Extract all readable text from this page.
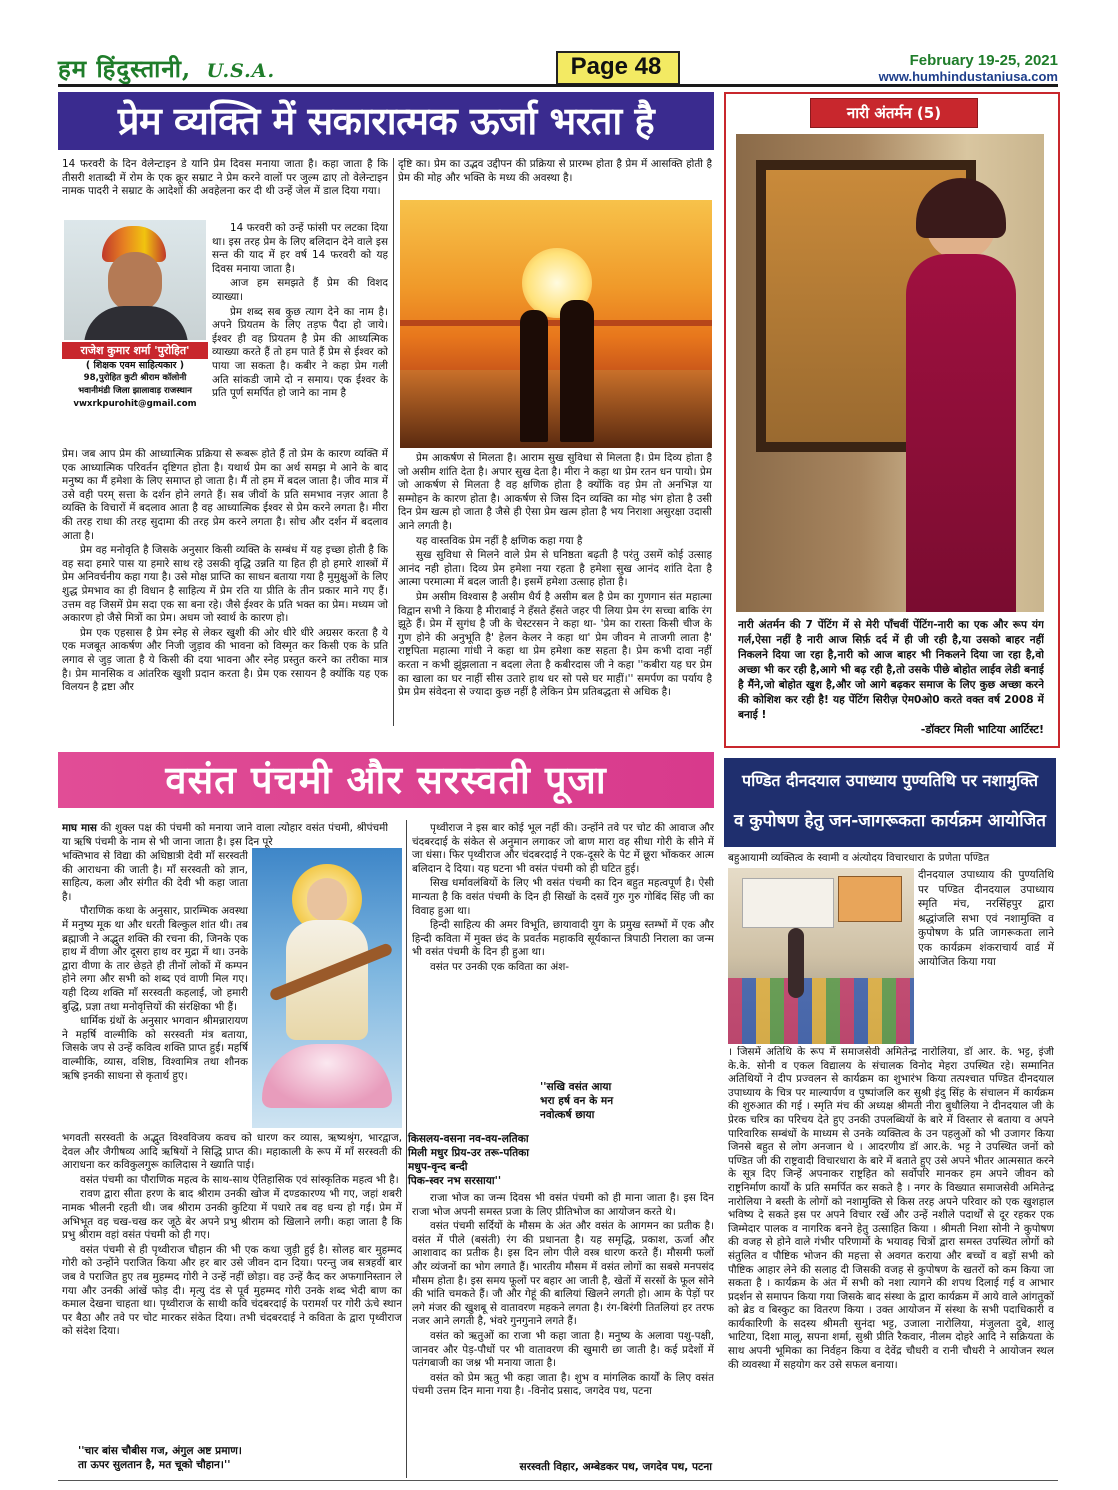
हम हिंदुस्तानी, U.S.A.	Page 48	February 19-25, 2021
www.humhindustaniusa.com
प्रेम व्यक्ति में सकारात्मक ऊर्जा भरता है
14 फरवरी के दिन वेलेन्टाइन डे यानि प्रेम दिवस मनाया जाता है। कहा जाता है कि तीसरी शताब्दी में रोम के एक क्रूर सम्राट ने प्रेम करने वालों पर जुल्म ढाए तो वेलेन्टाइन नामक पादरी ने सम्राट के आदेशों की अवहेलना कर दी थी उन्हें जेल में डाल दिया गया।
राजेश कुमार शर्मा 'पुरोहित'
( शिक्षक एवम साहित्यकार )
98,पुरोहित कुटी श्रीराम कॉलोनी
भवानीमंडी जिला झालावाड़ राजस्थान
vwxrkpurohit@gmail.com

14 फरवरी को उन्हें फांसी पर लटका दिया था। इस तरह प्रेम के लिए बलिदान देने वाले इस सन्त की याद में हर वर्ष 14 फरवरी को यह दिवस मनाया जाता है।

आज हम समझते हैं प्रेम की विशद व्याख्या।

प्रेम शब्द सब कुछ त्याग देने का नाम है। अपने प्रियतम के लिए तड़फ पैदा हो जाये। ईश्वर ही वह प्रियतम है प्रेम की आध्यत्मिक व्याख्या करते हैं तो हम पाते हैं प्रेम से ईश्वर को पाया जा सकता है। कबीर ने कहा प्रेम गली अति सांकडी जामे दो न समाय। एक ईश्वर के प्रति पूर्ण समर्पित हो जाने का नाम है

प्रेम। जब आप प्रेम की आध्यात्मिक प्रक्रिया से रूबरू होते हैं तो प्रेम के कारण व्यक्ति में एक आध्यात्मिक परिवर्तन दृष्टिगत होता है। यथार्थ प्रेम का अर्थ समझ मे आने के बाद मनुष्य का मैं हमेशा के लिए समाप्त हो जाता है। मैं तो हम में बदल जाता है। जीव मात्र में उसे वही परम् सत्ता के दर्शन होने लगते हैं। सब जीवों के प्रति समभाव नज़र आता है व्यक्ति के विचारों में बदलाव आता है वह आध्यात्मिक ईश्वर से प्रेम करने लगता है। मीरा की तरह राधा की तरह सुदामा की तरह प्रेम करने लगता है। सोच और दर्शन में बदलाव आता है।

प्रेम वह मनोवृति है जिसके अनुसार किसी व्यक्ति के सम्बंध में यह इच्छा होती है कि वह सदा हमारे पास या हमारे साथ रहे उसकी वृद्धि उन्नति या हित ही हो हमारे शास्त्रों में प्रेम अनिवर्चनीय कहा गया है। उसे मोक्ष प्राप्ति का साधन बताया गया है मुमुक्षुओं के लिए शुद्ध प्रेमभाव का ही विधान है साहित्य में प्रेम रति या प्रीति के तीन प्रकार माने गए हैं। उत्तम वह जिसमें प्रेम सदा एक सा बना रहे। जैसे ईश्वर के प्रति भक्त का प्रेम। मध्यम जो अकारण हो जैसे मित्रों का प्रेम। अधम जो स्वार्थ के कारण हो।

प्रेम एक एहसास है प्रेम स्नेह से लेकर खुशी की ओर धीरे धीरे अग्रसर करता है ये एक मजबूत आकर्षण और निजी जुड़ाव की भावना को विस्मृत कर किसी एक के प्रति लगाव से जुड़ जाता है ये किसी की दया भावना और स्नेह प्रस्तुत करने का तरीका मात्र है। प्रेम मानसिक व आंतरिक खुशी प्रदान करता है। प्रेम एक रसायन है क्योंकि यह एक विलयन है द्रष्टा और

दृष्टि का। प्रेम का उद्भव उद्दीपन की प्रक्रिया से प्रारम्भ होता है प्रेम में आसक्ति होती है प्रेम की मोह और भक्ति के मध्य की अवस्था है।

प्रेम आकर्षण से मिलता है। आराम सुख सुविधा से मिलता है। प्रेम दिव्य होता है जो असीम शांति देता है। अपार सुख देता है। मीरा ने कहा था प्रेम रतन धन पायो। प्रेम जो आकर्षण से मिलता है वह क्षणिक होता है क्योंकि वह प्रेम तो अनभिज्ञ या सम्मोहन के कारण होता है। आकर्षण से जिस दिन व्यक्ति का मोह भंग होता है उसी दिन प्रेम खत्म हो जाता है जैसे ही ऐसा प्रेम खत्म होता है भय निराशा असुरक्षा उदासी आने लगती है।

यह वास्तविक प्रेम नहीं है क्षणिक कहा गया है

सुख सुविधा से मिलने वाले प्रेम से घनिष्ठता बढ़ती है परंतु उसमें कोई उत्साह आनंद नही होता। दिव्य प्रेम हमेशा नया रहता है हमेशा सुख आनंद शांति देता है आत्मा परमात्मा में बदल जाती है। इसमें हमेशा उत्साह होता है।

प्रेम असीम विश्वास है असीम धैर्य है असीम बल है प्रेम का गुणगान संत महात्मा विद्वान सभी ने किया है मीराबाई ने हँसते हँसते जहर पी लिया प्रेम रंग सच्चा बाकि रंग झूठे हैं। प्रेम में सुगंध है जी के चेस्टरसन ने कहा था- 'प्रेम का रास्ता किसी चीज के गुण होने की अनुभूति है' हेलन केलर ने कहा था' प्रेम जीवन मे ताजगी लाता है' राष्ट्रपिता महात्मा गांधी ने कहा था प्रेम हमेशा कष्ट सहता है। प्रेम कभी दावा नहीं करता न कभी झुंझलाता न बदला लेता है कबीरदास जी ने कहा ''कबीरा यह घर प्रेम का खाला का घर नाहीं सीस उतारे हाथ धर सो पसे घर माहीं।'' समर्पण का पर्याय है प्रेम प्रेम संवेदना से ज्यादा कुछ नहीं है लेकिन प्रेम प्रतिबद्धता से अधिक है।

नारी अंतर्मन (5)
नारी अंतर्मन की 7 पेंटिंग में से मेरी पाँचवीं पेंटिंग-नारी का एक और रूप यंग गर्ल,ऐसा नहीं है नारी आज सिर्फ़ दर्द में ही जी रही है,या उसको बाहर नहीं निकलने दिया जा रहा है,नारी को आज बाहर भी निकलने दिया जा रहा है,वो अच्छा भी कर रही है,आगे भी बढ़ रही है,तो उसके पीछे बोहोत लाईव लेडी बनाई है मैंने,जो बोहोत खुश है,और जो आगे बढ़कर समाज के लिए कुछ अच्छा करने की कोशिश कर रही है! यह पेंटिंग सिरीज़ ऐम0ओ0 करते वक्त वर्ष 2008 में बनाई !
-डॉक्टर मिली भाटिया आर्टिस्ट!
वसंत पंचमी और सरस्वती पूजा
माघ मास की शुक्ल पक्ष की पंचमी को मनाया जाने वाला त्योहार वसंत पंचमी, श्रीपंचमी या ऋषि पंचमी के नाम से भी जाना जाता है। इस दिन पूरे

भक्तिभाव से विद्या की अधिष्ठात्री देवी माँ सरस्वती की आराधना की जाती है। माँ सरस्वती को ज्ञान, साहित्य, कला और संगीत की देवी भी कहा जाता है।

पौराणिक कथा के अनुसार, प्रारम्भिक अवस्था में मनुष्य मूक था और धरती बिल्कुल शांत थी। तब ब्रह्माजी ने अद्भुत शक्ति की रचना की, जिनके एक हाथ में वीणा और दूसरा हाथ वर मुद्रा में था। उनके द्वारा वीणा के तार छेड़ते ही तीनों लोकों में कम्पन होने लगा और सभी को शब्द एवं वाणी मिल गए। यही दिव्य शक्ति माँ सरस्वती कहलाई, जो हमारी बुद्धि, प्रज्ञा तथा मनोवृत्तियों की संरक्षिका भी हैं।

धार्मिक ग्रंथों के अनुसार भगवान श्रीमन्नारायण ने महर्षि वाल्मीकि को सरस्वती मंत्र बताया, जिसके जप से उन्हें कवित्व शक्ति प्राप्त हुई। महर्षि वाल्मीकि, व्यास, वशिष्ठ, विश्वामित्र तथा शौनक ऋषि इनकी साधना से कृतार्थ हुए।

भगवती सरस्वती के अद्भुत विश्वविजय कवच को धारण कर व्यास, ऋष्यश्रृंग, भारद्वाज, देवल और जैगीषव्य आदि ऋषियों ने सिद्धि प्राप्त की। महाकाली के रूप में माँ सरस्वती की आराधना कर कविकुलगुरू कालिदास ने ख्याति पाई।

वसंत पंचमी का पौराणिक महत्व के साथ-साथ ऐतिहासिक एवं सांस्कृतिक महत्व भी है।

रावण द्वारा सीता हरण के बाद श्रीराम उनकी खोज में दण्डकारण्य भी गए, जहां शबरी नामक भीलनी रहती थी। जब श्रीराम उनकी कुटिया में पधारे तब वह धन्य हो गई। प्रेम में अभिभूत वह चख-चख कर जूठे बेर अपने प्रभु श्रीराम को खिलाने लगी। कहा जाता है कि प्रभु श्रीराम वहां वसंत पंचमी को ही गए।

वसंत पंचमी से ही पृथ्वीराज चौहान की भी एक कथा जुड़ी हुई है। सोलह बार मुहम्मद गोरी को उन्होंने पराजित किया और हर बार उसे जीवन दान दिया। परन्तु जब सत्रहवीं बार जब वे पराजित हुए तब मुहम्मद गोरी ने उन्हें नहीं छोड़ा। वह उन्हें कैद कर अफगानिस्तान ले गया और उनकी आंखें फोड़ दी। मृत्यु दंड से पूर्व मुहम्मद गोरी उनके शब्द भेदी बाण का कमाल देखना चाहता था। पृथ्वीराज के साथी कवि चंदबरदाई के परामर्श पर गोरी ऊंचे स्थान पर बैठा और तवे पर चोट मारकर संकेत दिया। तभी चंदबरदाई ने कविता के द्वारा पृथ्वीराज को संदेश दिया।

''चार बांस चौबीस गज, अंगुल अष्ट प्रमाण।
ता ऊपर सुलतान है, मत चूको चौहान।''

पृथ्वीराज ने इस बार कोई भूल नहीं की। उन्होंने तवे पर चोट की आवाज और चंदबरदाई के संकेत से अनुमान लगाकर जो बाण मारा वह सीधा गोरी के सीने में जा धंसा। फिर पृथ्वीराज और चंदबरदाई ने एक-दूसरे के पेट में छूरा भोंककर आत्म बलिदान दे दिया। यह घटना भी वसंत पंचमी को ही घटित हुई।

सिख धर्मावलंबियों के लिए भी वसंत पंचमी का दिन बहुत महत्वपूर्ण है। ऐसी मान्यता है कि वसंत पंचमी के दिन ही सिखों के दसवें गुरु गुरु गोबिंद सिंह जी का विवाह हुआ था।

हिन्दी साहित्य की अमर विभूति, छायावादी युग के प्रमुख स्तम्भों में एक और हिन्दी कविता में मुक्त छंद के प्रवर्तक महाकवि सूर्यकान्त त्रिपाठी निराला का जन्म भी वसंत पंचमी के दिन ही हुआ था।

वसंत पर उनकी एक कविता का अंश-

''सखि वसंत आया
भरा हर्ष वन के मन
नवोत्कर्ष छाया
किसलय-वसना नव-वय-लतिका
मिली मधुर प्रिय-उर तरू-पतिका
मधुप-वृन्द बन्दी
पिक-स्वर नभ सरसाया''

राजा भोज का जन्म दिवस भी वसंत पंचमी को ही माना जाता है। इस दिन राजा भोज अपनी समस्त प्रजा के लिए प्रीतिभोज का आयोजन करते थे।

वसंत पंचमी सर्दियों के मौसम के अंत और वसंत के आगमन का प्रतीक है। वसंत में पीले (बसंती) रंग की प्रधानता है। यह समृद्धि, प्रकाश, ऊर्जा और आशावाद का प्रतीक है। इस दिन लोग पीले वस्त्र धारण करते हैं। मौसमी फलों और व्यंजनों का भोग लगाते हैं। भारतीय मौसम में वसंत लोगों का सबसे मनपसंद मौसम होता है। इस समय फूलों पर बहार आ जाती है, खेतों में सरसों के फूल सोने की भांति चमकते हैं। जौ और गेहूं की बालियां खिलने लगती हो। आम के पेड़ों पर लगे मंजर की खुशबू से वातावरण महकने लगता है। रंग-बिरंगी तितलियां हर तरफ नजर आने लगती है, भंवरे गुनगुनाने लगते हैं।

वसंत को ऋतुओं का राजा भी कहा जाता है। मनुष्य के अलावा पशु-पक्षी, जानवर और पेड़-पौधों पर भी वातावरण की खुमारी छा जाती है। कई प्रदेशों में पतंगबाजी का जश्न भी मनाया जाता है।

वसंत को प्रेम ऋतु भी कहा जाता है। शुभ व मांगलिक कार्यों के लिए वसंत पंचमी उत्तम दिन माना गया है। -विनोद प्रसाद, जगदेव पथ, पटना

सरस्वती विहार, अम्बेडकर पथ, जगदेव पथ, पटना
पण्डित दीनदयाल उपाध्याय पुण्यतिथि पर नशामुक्ति
व कुपोषण हेतु जन-जागरूकता कार्यक्रम आयोजित
बहुआयामी व्यक्तित्व के स्वामी व अंत्योदय विचारधारा के प्रणेता पण्डित
दीनदयाल उपाध्याय की पुण्यतिथि पर पण्डित दीनदयाल उपाध्याय स्मृति मंच, नरसिंहपुर द्वारा श्रद्धांजलि सभा एवं नशामुक्ति व कुपोषण के प्रति जागरूकता लाने एक कार्यक्रम शंकराचार्य वार्ड में आयोजित किया गया
। जिसमें अतिथि के रूप में समाजसेवी अमितेन्द्र नारोलिया, डॉ आर. के. भट्ट, इंजी के.के. सोनी व एकल विद्यालय के संचालक विनोद मेहरा उपस्थित रहे। सम्मानित अतिथियों ने दीप प्रज्वलन से कार्यक्रम का शुभारंभ किया तत्पश्चात पण्डित दीनदयाल उपाध्याय के चित्र पर माल्यार्पण व पुष्पांजलि कर सुश्री इंदु सिंह के संचालन में कार्यक्रम की शुरुआत की गई । स्मृति मंच की अध्यक्ष श्रीमती नीरा बुधौलिया ने दीनदयाल जी के प्रेरक चरित्र का परिचय देते हुए उनकी उपलब्धियों के बारे में विस्तार से बताया व अपने पारिवारिक सम्बंधों के माध्यम से उनके व्यक्तित्व के उन पहलुओं को भी उजागर किया जिनसे बहुत से लोग अनजान थे । आदरणीय डॉ आर.के. भट्ट ने उपस्थित जनों को पण्डित जी की राष्ट्रवादी विचारधारा के बारे में बताते हुए उसे अपने भीतर आत्मसात करने के सूत्र दिए जिन्हें अपनाकर राष्ट्रहित को सर्वोपरि मानकर हम अपने जीवन को राष्ट्रनिर्माण कार्यों के प्रति समर्पित कर सकते है । नगर के विख्यात समाजसेवी अमितेन्द्र नारोलिया ने बस्ती के लोगों को नशामुक्ति से किस तरह अपने परिवार को एक खुशहाल भविष्य दे सकते इस पर अपने विचार रखें और उन्हें नशीले पदार्थों से दूर रहकर एक जिम्मेदार पालक व नागरिक बनने हेतु उत्साहित किया । श्रीमती निशा सोनी ने कुपोषण की वजह से होने वाले गंभीर परिणामों के भयावह चित्रों द्वारा समस्त उपस्थित लोगों को संतुलित व पौष्टिक भोजन की महत्ता से अवगत कराया और बच्चों व बड़ों सभी को पौष्टिक आहार लेने की सलाह दी जिसकी वजह से कुपोषण के खतरों को कम किया जा सकता है । कार्यक्रम के अंत में सभी को नशा त्यागने की शपथ दिलाई गई व आभार प्रदर्शन से समापन किया गया जिसके बाद संस्था के द्वारा कार्यक्रम में आये वाले आंगतुकों को ब्रेड व बिस्कुट का वितरण किया । उक्त आयोजन में संस्था के सभी पदाधिकारी व कार्यकारिणी के सदस्य श्रीमती सुनंदा भट्ट, उजाला नारोलिया, मंजुलता दुबे, शालू भाटिया, दिशा मालू, सपना शर्मा, सुश्री प्रीति रैकवार, नीलम दोहरे आदि ने सक्रियता के साथ अपनी भूमिका का निर्वहन किया व देवेंद्र चौधरी व रानी चौधरी ने आयोजन स्थल की व्यवस्था में सहयोग कर उसे सफल बनाया।
